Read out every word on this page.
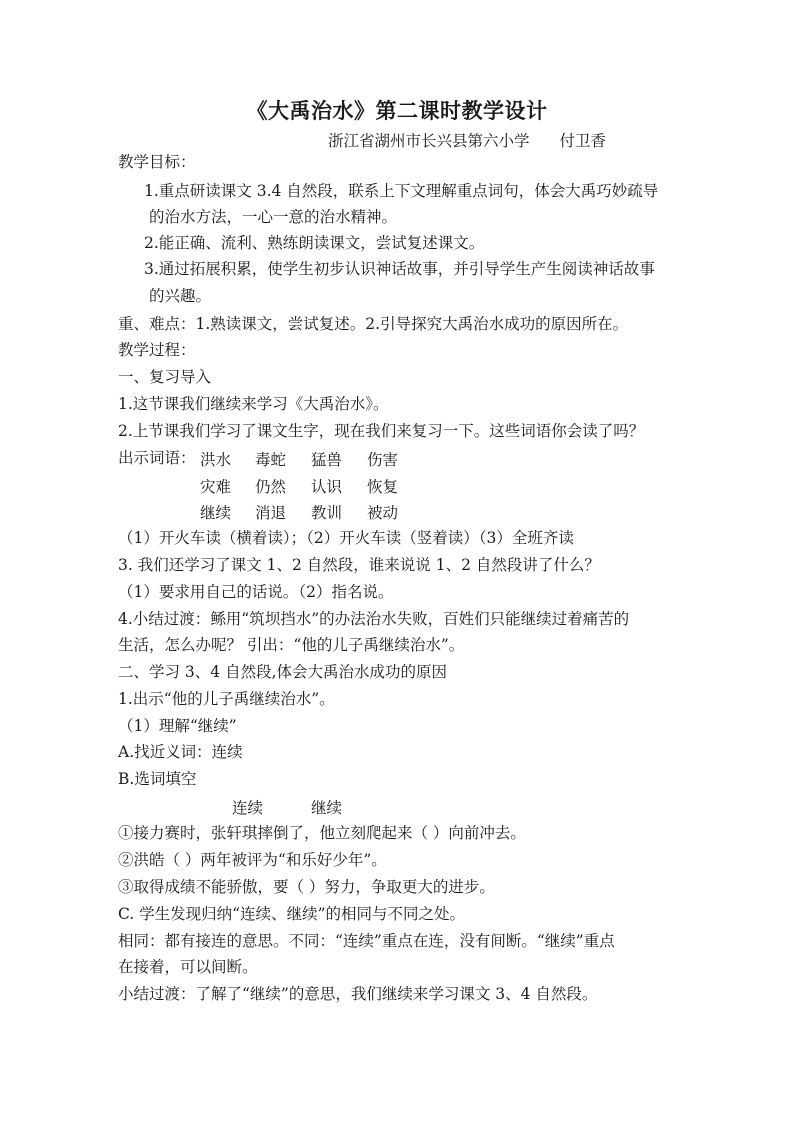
《大禹治水》第二课时教学设计
浙江省湖州市长兴县第六小学 付卫香
教学目标：
1.重点研读课文 3.4 自然段，联系上下文理解重点词句，体会大禹巧妙疏导
的治水方法，一心一意的治水精神。
2.能正确、流利、熟练朗读课文，尝试复述课文。
3.通过拓展积累，使学生初步认识神话故事，并引导学生产生阅读神话故事
的兴趣。
重、难点：1.熟读课文，尝试复述。2.引导探究大禹治水成功的原因所在。
教学过程：
一、复习导入
1.这节课我们继续来学习《大禹治水》。
2.上节课我们学习了课文生字，现在我们来复习一下。这些词语你会读了吗？
出示词语： 洪水 毒蛇 猛兽 伤害
灾难 仍然 认识 恢复
继续 消退 教训 被动
（1）开火车读（横着读）；（2）开火车读（竖着读）（3）全班齐读
3. 我们还学习了课文 1、2 自然段，谁来说说 1、2 自然段讲了什么？
（1）要求用自己的话说。（2）指名说。
4.小结过渡：鲧用“筑坝挡水”的办法治水失败，百姓们只能继续过着痛苦的
生活，怎么办呢？ 引出：“他的儿子禹继续治水”。
二、学习 3、4 自然段,体会大禹治水成功的原因
1.出示“他的儿子禹继续治水”。
（1）理解“继续”
A.找近义词：连续
B.选词填空
连续	继续
①接力赛时，张轩琪摔倒了，他立刻爬起来（ ）向前冲去。
②洪皓（ ）两年被评为“和乐好少年”。
③取得成绩不能骄傲，要（ ）努力，争取更大的进步。
C. 学生发现归纳“连续、继续”的相同与不同之处。
相同：都有接连的意思。不同：“连续”重点在连，没有间断。“继续”重点
在接着，可以间断。
小结过渡：了解了“继续”的意思，我们继续来学习课文 3、4 自然段。
